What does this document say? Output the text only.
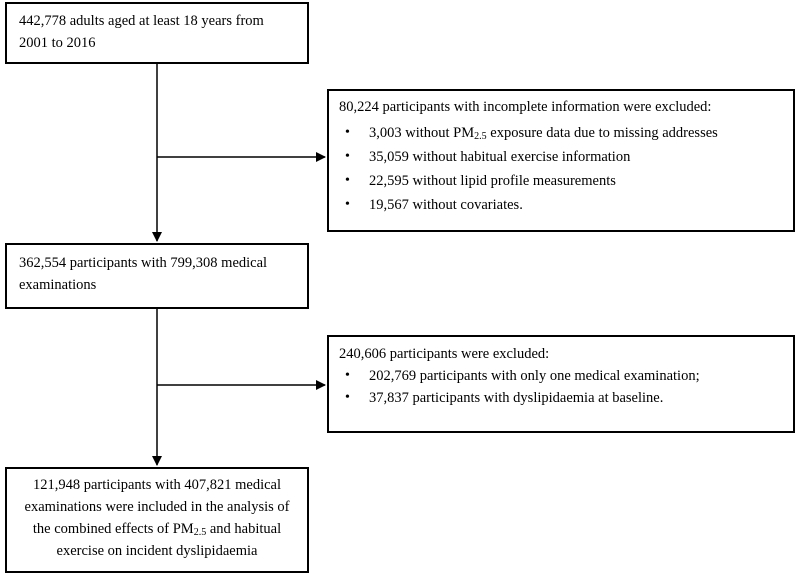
442,778 adults aged at least 18 years from
2001 to 2016
80,224 participants with incomplete information were excluded:
• 3,003 without $PM_{2.5}$ exposure data due to missing addresses
• 35,059 without habitual exercise information
• 22,595 without lipid profile measurements
• 19,567 without covariates.
362,554 participants with 799,308 medical
examinations
240,606 participants were excluded:
• 202,769 participants with only one medical examination;
• 37,837 participants with dyslipidaemia at baseline.
121,948 participants with 407,821 medical
examinations were included in the analysis of
the combined effects of $PM_{2.5}$ and habitual
exercise on incident dyslipidaemia
